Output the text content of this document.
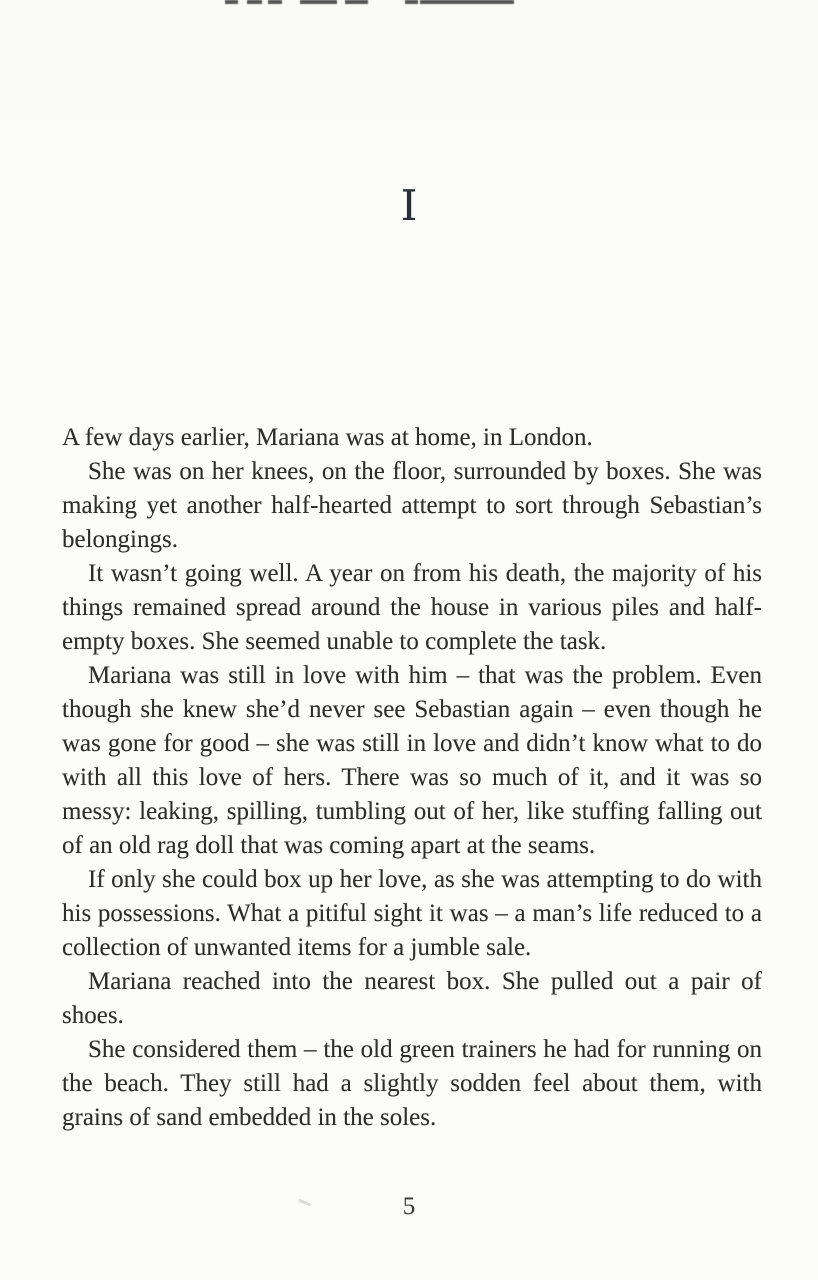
I

A few days earlier, Mariana was at home, in London.

She was on her knees, on the floor, surrounded by boxes. She was making yet another half-hearted attempt to sort through Sebastian’s belongings.

It wasn’t going well. A year on from his death, the majority of his things remained spread around the house in various piles and half-empty boxes. She seemed unable to complete the task.

Mariana was still in love with him – that was the problem. Even though she knew she’d never see Sebastian again – even though he was gone for good – she was still in love and didn’t know what to do with all this love of hers. There was so much of it, and it was so messy: leaking, spilling, tumbling out of her, like stuffing falling out of an old rag doll that was coming apart at the seams.

If only she could box up her love, as she was attempting to do with his possessions. What a pitiful sight it was – a man’s life reduced to a collection of unwanted items for a jumble sale.

Mariana reached into the nearest box. She pulled out a pair of shoes.

She considered them – the old green trainers he had for running on the beach. They still had a slightly sodden feel about them, with grains of sand embedded in the soles.

5
